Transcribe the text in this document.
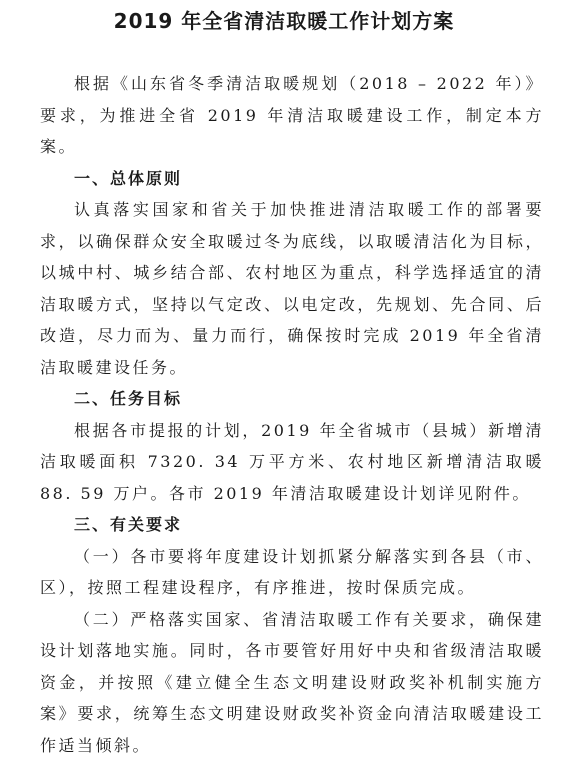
2019 年全省清洁取暖工作计划方案

根据《山东省冬季清洁取暖规划（2018 – 2022 年）》要求，为推进全省 2019 年清洁取暖建设工作，制定本方案。

一、总体原则

认真落实国家和省关于加快推进清洁取暖工作的部署要求，以确保群众安全取暖过冬为底线，以取暖清洁化为目标，以城中村、城乡结合部、农村地区为重点，科学选择适宜的清洁取暖方式，坚持以气定改、以电定改，先规划、先合同、后改造，尽力而为、量力而行，确保按时完成 2019 年全省清洁取暖建设任务。

二、任务目标

根据各市提报的计划，2019 年全省城市（县城）新增清洁取暖面积 7320. 34 万平方米、农村地区新增清洁取暖 88. 59 万户。各市 2019 年清洁取暖建设计划详见附件。

三、有关要求

（一）各市要将年度建设计划抓紧分解落实到各县（市、区），按照工程建设程序，有序推进，按时保质完成。

（二）严格落实国家、省清洁取暖工作有关要求，确保建设计划落地实施。同时，各市要管好用好中央和省级清洁取暖资金，并按照《建立健全生态文明建设财政奖补机制实施方案》要求，统筹生态文明建设财政奖补资金向清洁取暖建设工作适当倾斜。
